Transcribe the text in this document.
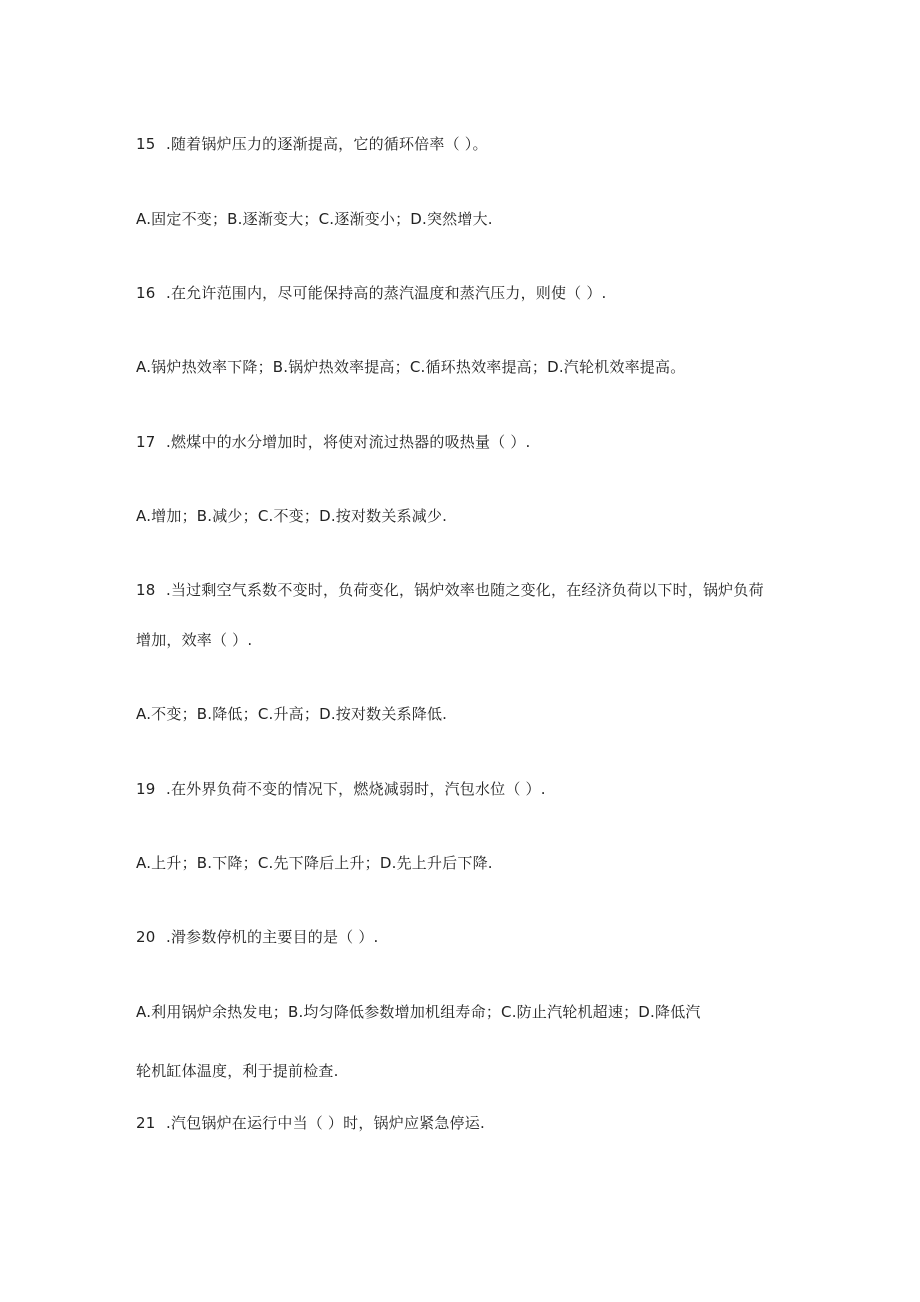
15 .随着锅炉压力的逐渐提高，它的循环倍率（ ）。
A.固定不变；B.逐渐变大；C.逐渐变小；D.突然增大.
16 .在允许范围内，尽可能保持高的蒸汽温度和蒸汽压力，则使（ ）.
A.锅炉热效率下降；B.锅炉热效率提高；C.循环热效率提高；D.汽轮机效率提高。
17 .燃煤中的水分增加时，将使对流过热器的吸热量（ ）.
A.增加；B.减少；C.不变；D.按对数关系减少.
18 .当过剩空气系数不变时，负荷变化，锅炉效率也随之变化，在经济负荷以下时，锅炉负荷
增加，效率（ ）.
A.不变；B.降低；C.升高；D.按对数关系降低.
19 .在外界负荷不变的情况下，燃烧减弱时，汽包水位（ ）.
A.上升；B.下降；C.先下降后上升；D.先上升后下降.
20 .滑参数停机的主要目的是（ ）.
A.利用锅炉余热发电；B.均匀降低参数增加机组寿命；C.防止汽轮机超速；D.降低汽
轮机缸体温度，利于提前检查.
21 .汽包锅炉在运行中当（ ）时，锅炉应紧急停运.
